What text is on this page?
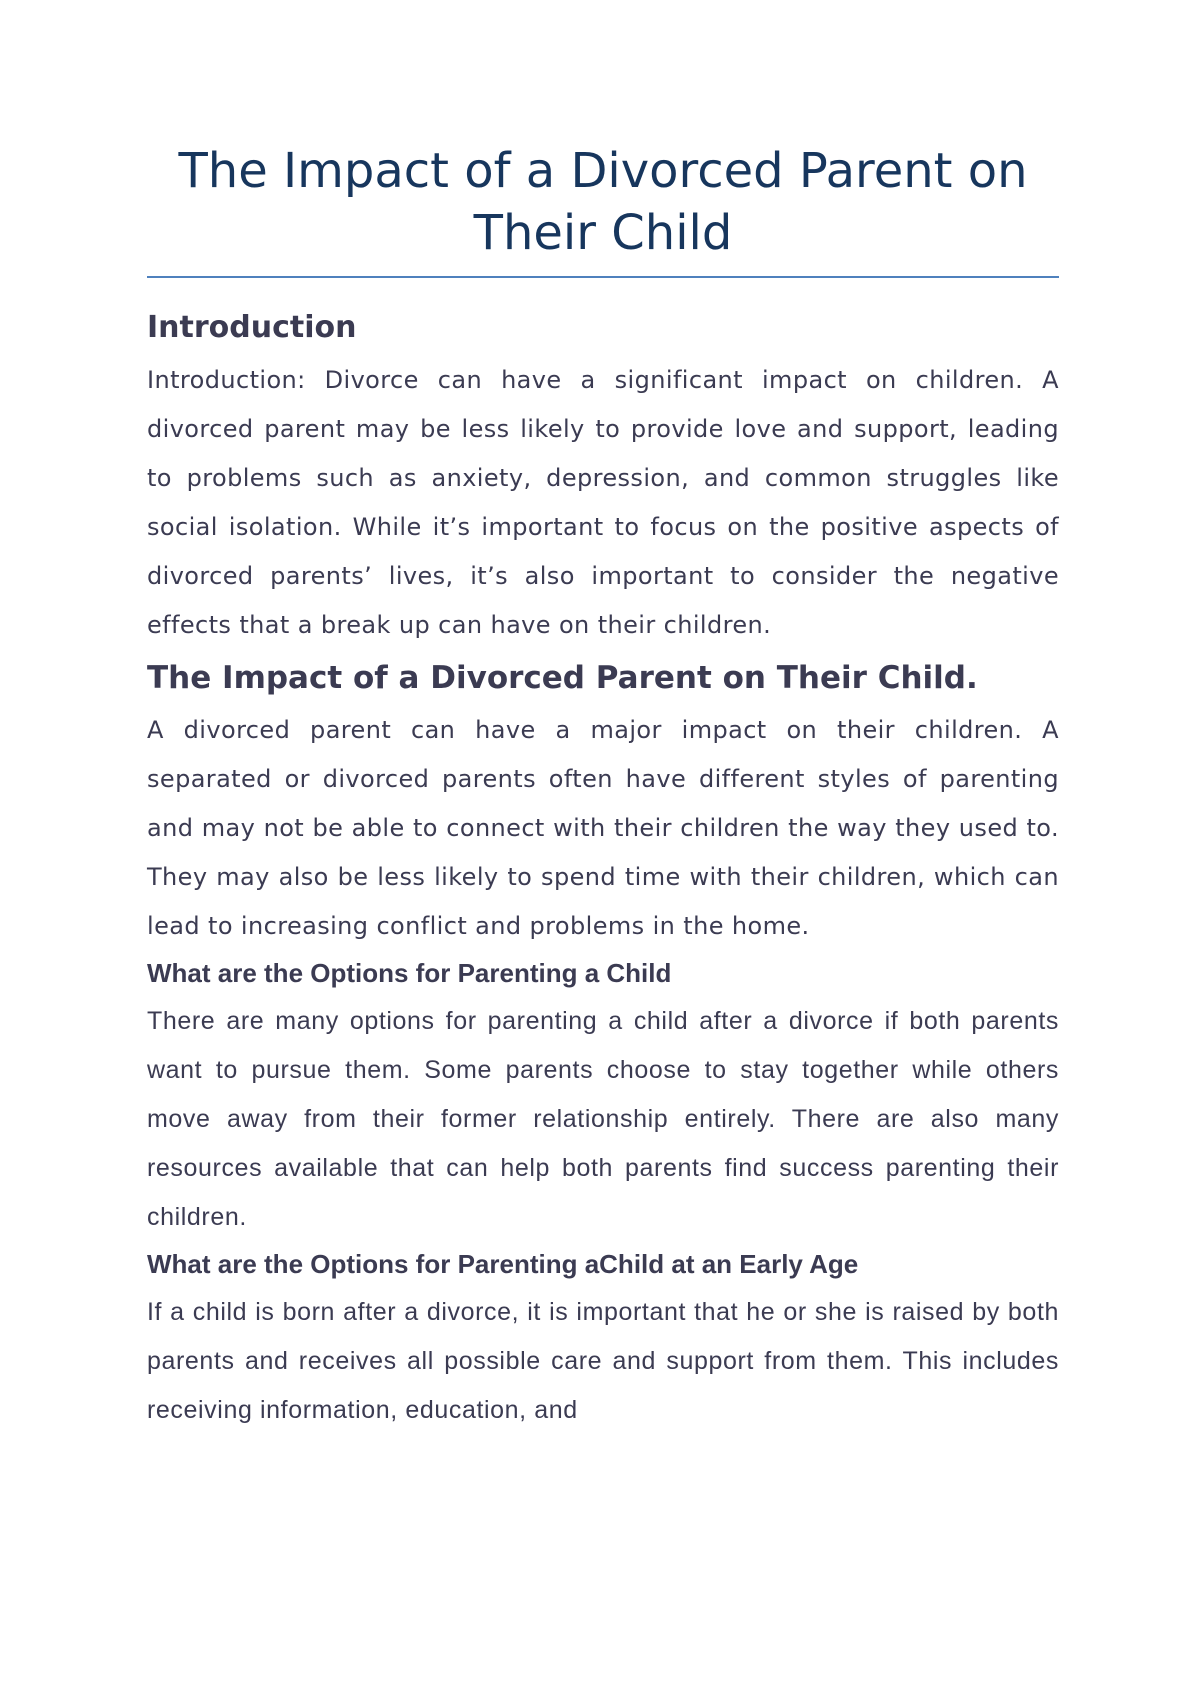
The Impact of a Divorced Parent on Their Child
Introduction

Introduction: Divorce can have a significant impact on children. A divorced parent may be less likely to provide love and support, leading to problems such as anxiety, depression, and common struggles like social isolation. While it’s important to focus on the positive aspects of divorced parents’ lives, it’s also important to consider the negative effects that a break up can have on their children.

The Impact of a Divorced Parent on Their Child.

A divorced parent can have a major impact on their children. A separated or divorced parents often have different styles of parenting and may not be able to connect with their children the way they used to. They may also be less likely to spend time with their children, which can lead to increasing conflict and problems in the home.

What are the Options for Parenting a Child

There are many options for parenting a child after a divorce if both parents want to pursue them. Some parents choose to stay together while others move away from their former relationship entirely. There are also many resources available that can help both parents find success parenting their children.

What are the Options for Parenting aChild at an Early Age

If a child is born after a divorce, it is important that he or she is raised by both parents and receives all possible care and support from them. This includes receiving information, education, and
